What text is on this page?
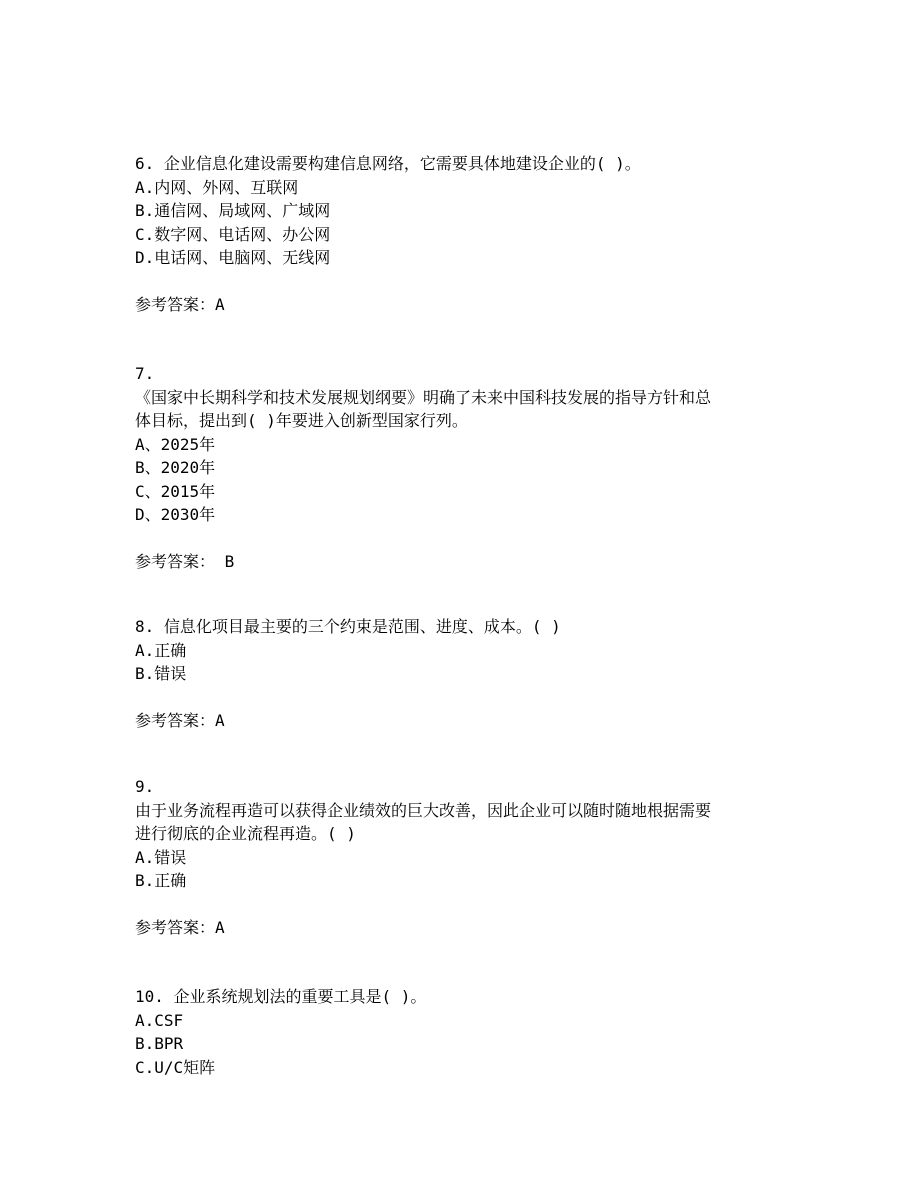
6. 企业信息化建设需要构建信息网络，它需要具体地建设企业的( )。
A.内网、外网、互联网
B.通信网、局域网、广域网
C.数字网、电话网、办公网
D.电话网、电脑网、无线网
参考答案：A
7.
《国家中长期科学和技术发展规划纲要》明确了未来中国科技发展的指导方针和总
体目标，提出到( )年要进入创新型国家行列。
A、2025年
B、2020年
C、2015年
D、2030年
参考答案： B
8. 信息化项目最主要的三个约束是范围、进度、成本。( )
A.正确
B.错误
参考答案：A
9.
由于业务流程再造可以获得企业绩效的巨大改善，因此企业可以随时随地根据需要
进行彻底的企业流程再造。( )
A.错误
B.正确
参考答案：A
10. 企业系统规划法的重要工具是( )。
A.CSF
B.BPR
C.U/C矩阵
